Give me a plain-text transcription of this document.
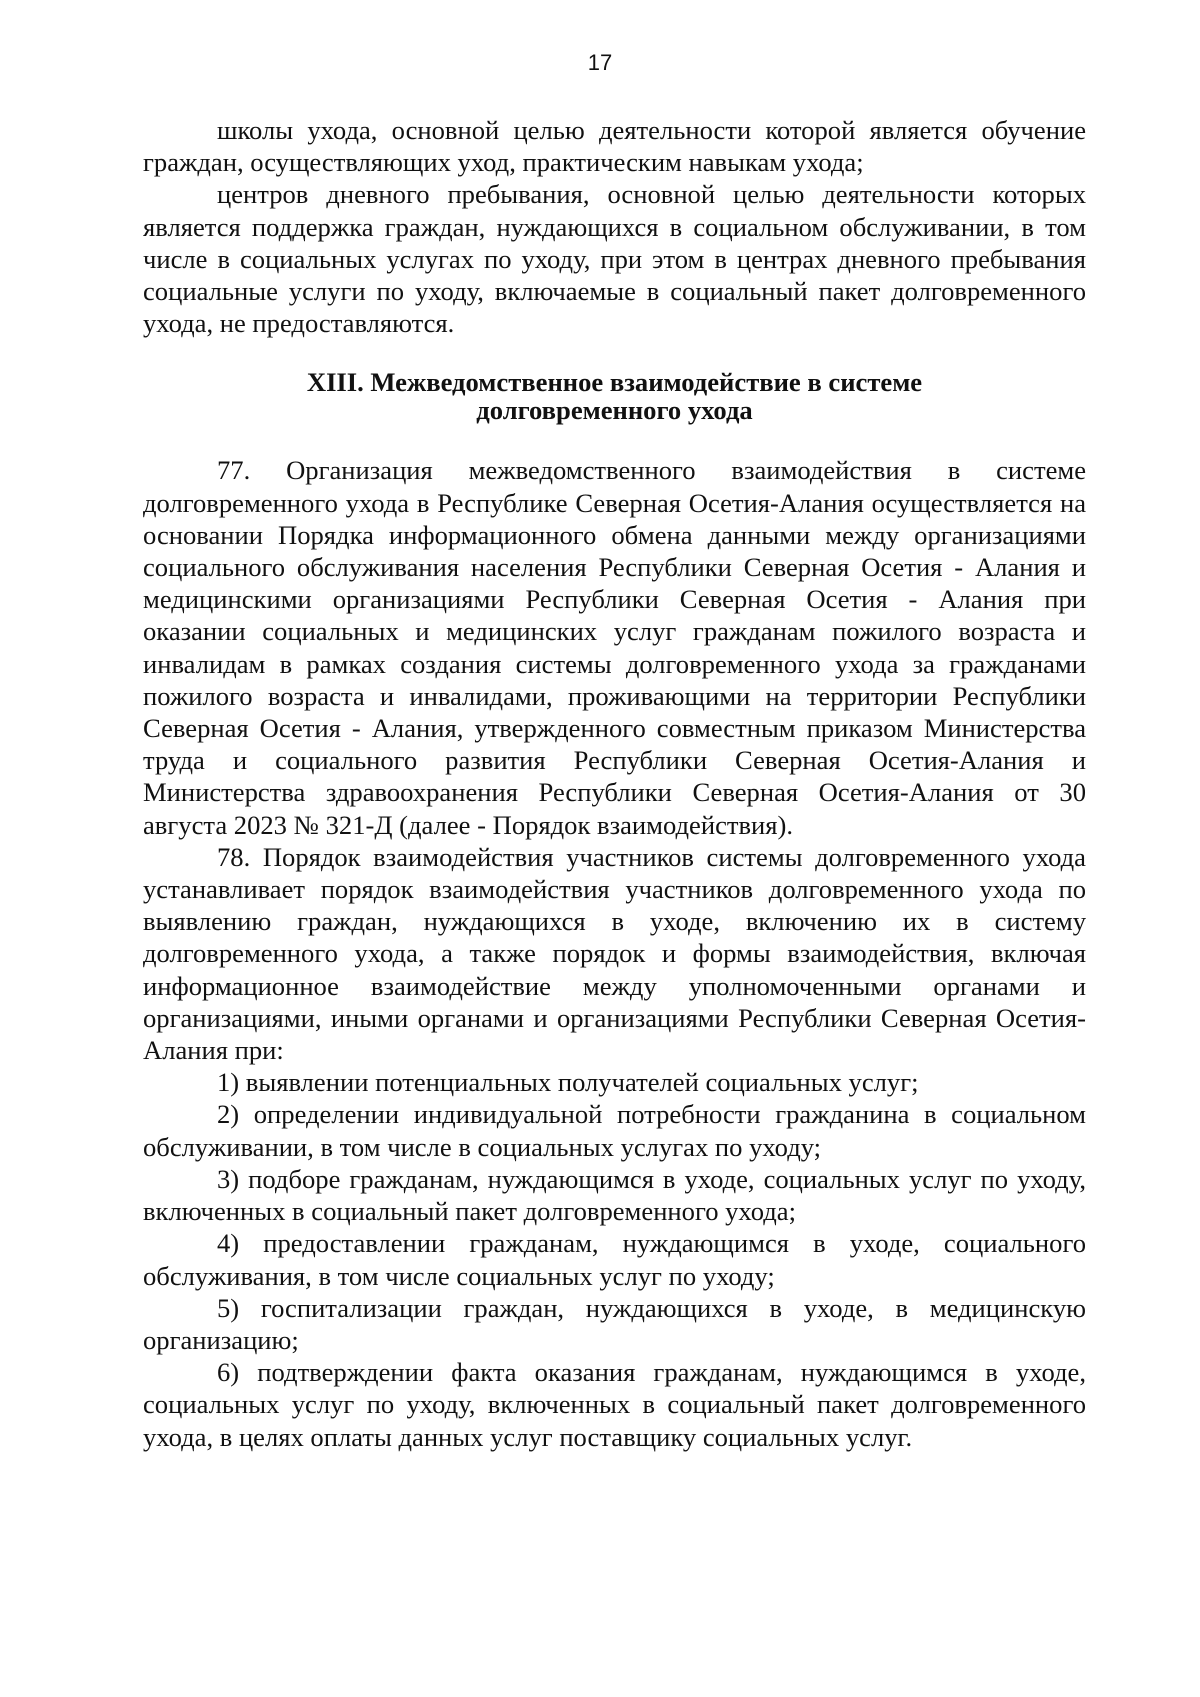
17

школы ухода, основной целью деятельности которой является обучение граждан, осуществляющих уход, практическим навыкам ухода;

центров дневного пребывания, основной целью деятельности которых является поддержка граждан, нуждающихся в социальном обслуживании, в том числе в социальных услугах по уходу, при этом в центрах дневного пребывания социальные услуги по уходу, включаемые в социальный пакет долговременного ухода, не предоставляются.

XIII. Межведомственное взаимодействие в системе
долговременного ухода

77. Организация межведомственного взаимодействия в системе долговременного ухода в Республике Северная Осетия-Алания осуществляется на основании Порядка информационного обмена данными между организациями социального обслуживания населения Республики Северная Осетия - Алания и медицинскими организациями Республики Северная Осетия - Алания при оказании социальных и медицинских услуг гражданам пожилого возраста и инвалидам в рамках создания системы долговременного ухода за гражданами пожилого возраста и инвалидами, проживающими на территории Республики Северная Осетия - Алания, утвержденного совместным приказом Министерства труда и социального развития Республики Северная Осетия-Алания и Министерства здравоохранения Республики Северная Осетия-Алания от 30 августа 2023 № 321-Д (далее - Порядок взаимодействия).

78. Порядок взаимодействия участников системы долговременного ухода устанавливает порядок взаимодействия участников долговременного ухода по выявлению граждан, нуждающихся в уходе, включению их в систему долговременного ухода, а также порядок и формы взаимодействия, включая информационное взаимодействие между уполномоченными органами и организациями, иными органами и организациями Республики Северная Осетия-Алания при:

1) выявлении потенциальных получателей социальных услуг;

2) определении индивидуальной потребности гражданина в социальном обслуживании, в том числе в социальных услугах по уходу;

3) подборе гражданам, нуждающимся в уходе, социальных услуг по уходу, включенных в социальный пакет долговременного ухода;

4) предоставлении гражданам, нуждающимся в уходе, социального обслуживания, в том числе социальных услуг по уходу;

5) госпитализации граждан, нуждающихся в уходе, в медицинскую организацию;

6) подтверждении факта оказания гражданам, нуждающимся в уходе, социальных услуг по уходу, включенных в социальный пакет долговременного ухода, в целях оплаты данных услуг поставщику социальных услуг.
